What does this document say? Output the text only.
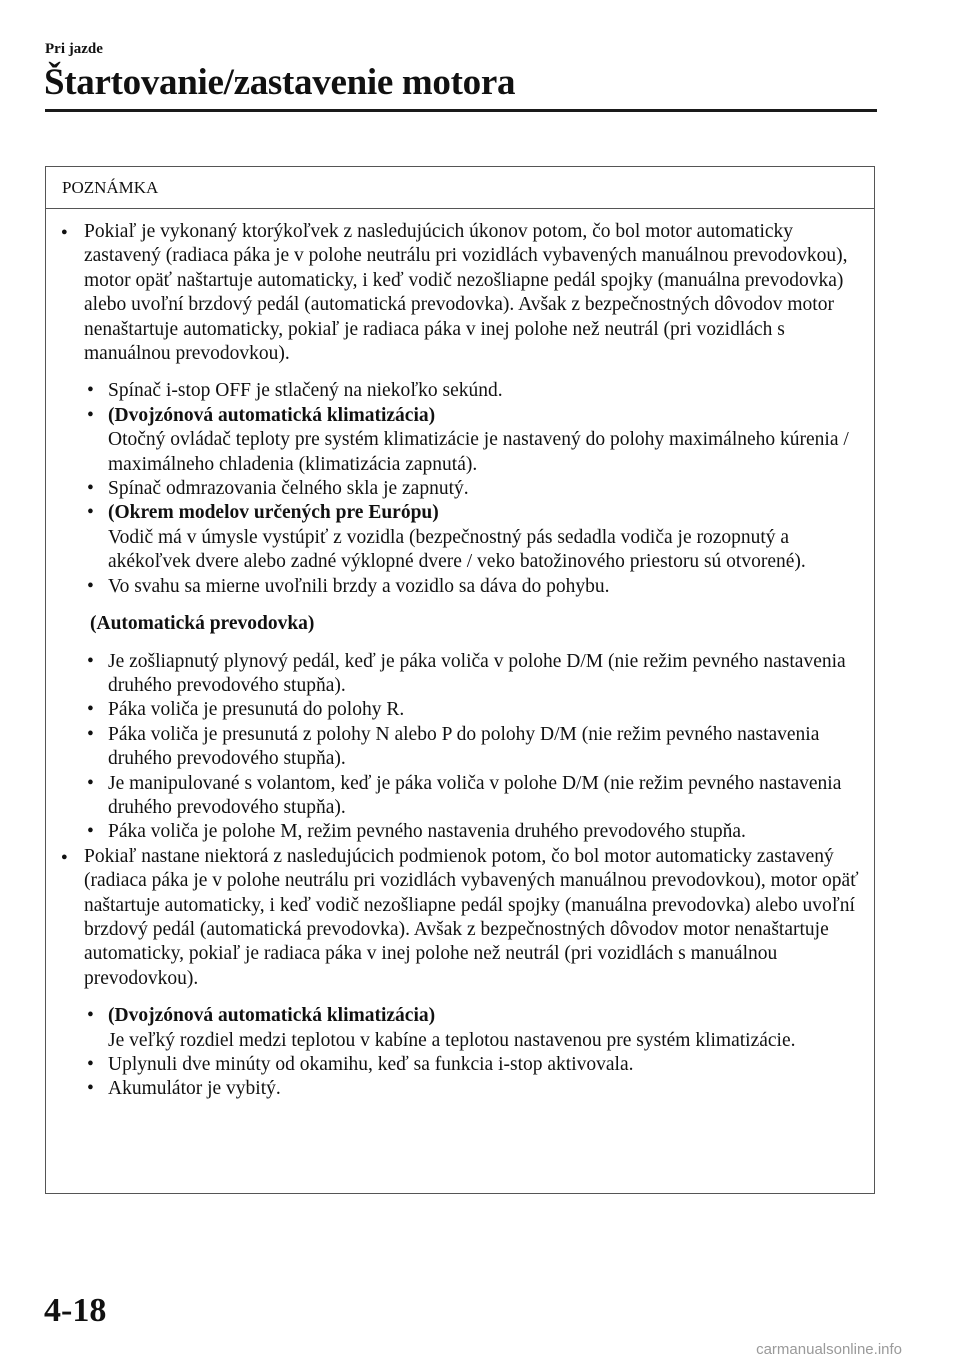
Pri jazde
Štartovanie/zastavenie motora
POZNÁMKA

● Pokiaľ je vykonaný ktorýkoľvek z nasledujúcich úkonov potom, čo bol motor automaticky zastavený (radiaca páka je v polohe neutrálu pri vozidlách vybavených manuálnou prevodovkou), motor opäť naštartuje automaticky, i keď vodič nezošliapne pedál spojky (manuálna prevodovka) alebo uvoľní brzdový pedál (automatická prevodovka). Avšak z bezpečnostných dôvodov motor nenaštartuje automaticky, pokiaľ je radiaca páka v inej polohe než neutrál (pri vozidlách s manuálnou prevodovkou).

• Spínač i-stop OFF je stlačený na niekoľko sekúnd.

• (Dvojzónová automatická klimatizácia)
Otočný ovládač teploty pre systém klimatizácie je nastavený do polohy maximálneho kúrenia / maximálneho chladenia (klimatizácia zapnutá).

• Spínač odmrazovania čelného skla je zapnutý.

• (Okrem modelov určených pre Európu)
Vodič má v úmysle vystúpiť z vozidla (bezpečnostný pás sedadla vodiča je rozopnutý a akékoľvek dvere alebo zadné výklopné dvere / veko batožinového priestoru sú otvorené).

• Vo svahu sa mierne uvoľnili brzdy a vozidlo sa dáva do pohybu.

(Automatická prevodovka)

• Je zošliapnutý plynový pedál, keď je páka voliča v polohe D/M (nie režim pevného nastavenia druhého prevodového stupňa).

• Páka voliča je presunutá do polohy R.

• Páka voliča je presunutá z polohy N alebo P do polohy D/M (nie režim pevného nastavenia druhého prevodového stupňa).

• Je manipulované s volantom, keď je páka voliča v polohe D/M (nie režim pevného nastavenia druhého prevodového stupňa).

• Páka voliča je polohe M, režim pevného nastavenia druhého prevodového stupňa.

● Pokiaľ nastane niektorá z nasledujúcich podmienok potom, čo bol motor automaticky zastavený (radiaca páka je v polohe neutrálu pri vozidlách vybavených manuálnou prevodovkou), motor opäť naštartuje automaticky, i keď vodič nezošliapne pedál spojky (manuálna prevodovka) alebo uvoľní brzdový pedál (automatická prevodovka). Avšak z bezpečnostných dôvodov motor nenaštartuje automaticky, pokiaľ je radiaca páka v inej polohe než neutrál (pri vozidlách s manuálnou prevodovkou).

• (Dvojzónová automatická klimatizácia)
Je veľký rozdiel medzi teplotou v kabíne a teplotou nastavenou pre systém klimatizácie.

• Uplynuli dve minúty od okamihu, keď sa funkcia i-stop aktivovala.

• Akumulátor je vybitý.

4-18
carmanualsonline.info
